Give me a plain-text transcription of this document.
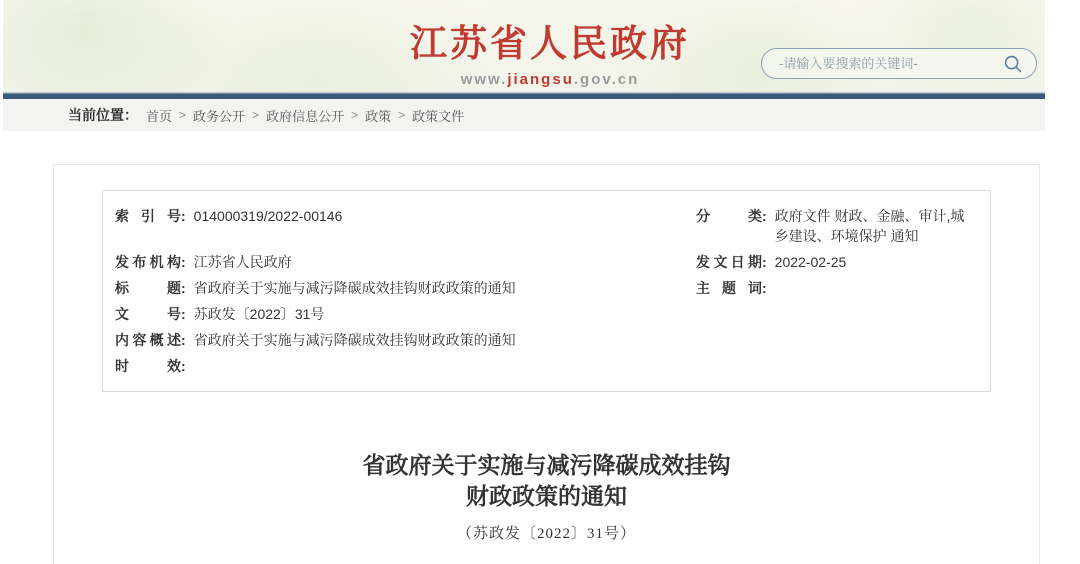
江苏省人民政府
www.jiangsu.gov.cn
-请输入要搜索的关键词-
当前位置： 首页 > 政务公开 > 政府信息公开 > 政策 > 政策文件
索引号 : 014000319/2022-00146	分类 : 政府文件 财政、金融、审计,城乡建设、环境保护 通知
发布机构 : 江苏省人民政府	发文日期 : 2022-02-25
标题 : 省政府关于实施与减污降碳成效挂钩财政政策的通知	主题词 :
文号 : 苏政发〔2022〕31号
内容概述 : 省政府关于实施与减污降碳成效挂钩财政政策的通知
时效 :
省政府关于实施与减污降碳成效挂钩
财政政策的通知
（苏政发〔2022〕31号）
